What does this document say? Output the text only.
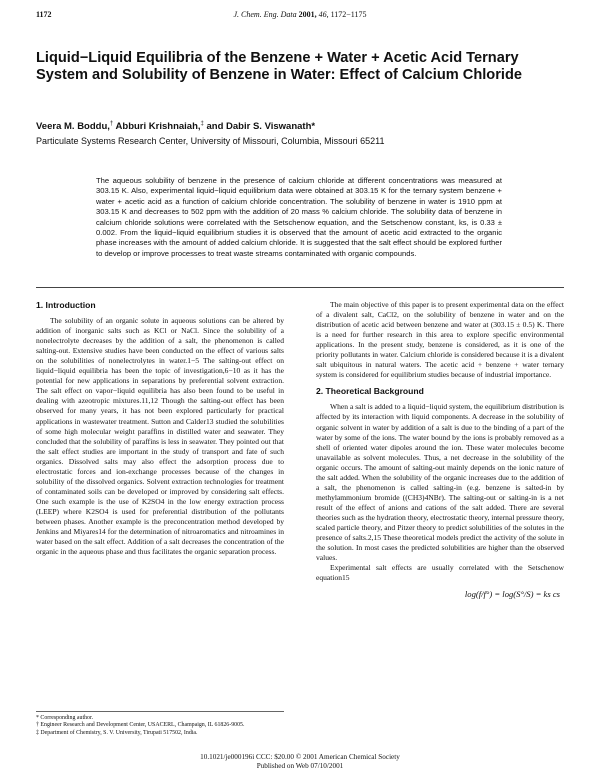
1172	J. Chem. Eng. Data 2001, 46, 1172−1175
Liquid−Liquid Equilibria of the Benzene + Water + Acetic Acid Ternary System and Solubility of Benzene in Water: Effect of Calcium Chloride
Veera M. Boddu,† Abburi Krishnaiah,‡ and Dabir S. Viswanath*
Particulate Systems Research Center, University of Missouri, Columbia, Missouri 65211
The aqueous solubility of benzene in the presence of calcium chloride at different concentrations was measured at 303.15 K. Also, experimental liquid−liquid equilibrium data were obtained at 303.15 K for the ternary system benzene + water + acetic acid as a function of calcium chloride concentration. The solubility of benzene in water is 1910 ppm at 303.15 K and decreases to 502 ppm with the addition of 20 mass % calcium chloride. The solubility data of benzene in calcium chloride solutions were correlated with the Setschenow equation, and the Setschenow constant, ks, is 0.33 ± 0.002. From the liquid−liquid equilibrium studies it is observed that the amount of acetic acid extracted to the organic phase increases with the amount of added calcium chloride. It is suggested that the salt effect should be explored further to develop or improve processes to treat waste streams contaminated with organic compounds.
1. Introduction

The solubility of an organic solute in aqueous solutions can be altered by addition of inorganic salts such as KCl or NaCl. Since the solubility of a nonelectrolyte decreases by the addition of a salt, the phenomenon is called salting-out. Extensive studies have been conducted on the effect of various salts on the solubilities of nonelectrolytes in water.1−5 The salting-out effect on liquid−liquid equilibria has been the topic of investigation,6−10 as it has the potential for new applications in separations by preferential solvent extraction. The salt effect on vapor−liquid equilibria has also been found to be useful in dealing with azeotropic mixtures.11,12 Though the salting-out effect has been observed for many years, it has not been explored particularly for practical applications in wastewater treatment. Sutton and Calder13 studied the solubilities of some high molecular weight paraffins in distilled water and seawater. They concluded that the solubility of paraffins is less in seawater. They pointed out that the salt effect studies are important in the study of transport and fate of such organics. Dissolved salts may also effect the adsorption process due to electrostatic forces and ion-exchange processes because of the changes in solubility of the dissolved organics. Solvent extraction technologies for treatment of contaminated soils can be developed or improved by considering salt effects. One such example is the use of K2SO4 in the low energy extraction process (LEEP) where K2SO4 is used for preferential distribution of the pollutants between phases. Another example is the preconcentration method developed by Jenkins and Miyares14 for the determination of nitroaromatics and nitroamines in water based on the salt effect. Addition of a salt decreases the concentration of the organic in the aqueous phase and thus facilitates the organic separation process.

The main objective of this paper is to present experimental data on the effect of a divalent salt, CaCl2, on the solubility of benzene in water and on the distribution of acetic acid between benzene and water at (303.15 ± 0.5) K. There is a need for further research in this area to explore specific environmental applications. In the present study, benzene is considered, as it is one of the priority pollutants in water. Calcium chloride is considered because it is a divalent salt ubiquitous in natural waters. The acetic acid + benzene + water ternary system is considered for equilibrium studies because of industrial importance.

2. Theoretical Background

When a salt is added to a liquid−liquid system, the equilibrium distribution is affected by its interaction with liquid components. A decrease in the solubility of organic solvent in water by addition of a salt is due to the binding of a part of the water by some of the ions. The water bound by the ions is probably removed as a shell of oriented water dipoles around the ion. These water molecules become unavailable as solvent molecules. Thus, a net decrease in the solubility of the organic occurs. The amount of salting-out mainly depends on the ionic nature of the salt added. When the solubility of the organic increases due to the addition of a salt, the phenomenon is called salting-in (e.g. benzene is salted-in by methylammonium bromide ((CH3)4NBr). The salting-out or salting-in is a net result of the effect of anions and cations of the salt added. There are several theories such as the hydration theory, electrostatic theory, internal pressure theory, scaled particle theory, and Pitzer theory to predict solubilities of the solutes in the presence of salts.2,15 These theoretical models predict the activity of the solute in the solution. In most cases the predicted solubilities are higher than the observed values.

Experimental salt effects are usually correlated with the Setschenow equation15

log(f/f°) = log(S°/S) = ks cs
* Corresponding author.
† Engineer Research and Development Center, USACERL, Champaign, IL 61826-9005.
‡ Department of Chemistry, S. V. University, Tirupati 517502, India.
10.1021/je000196i CCC: $20.00 © 2001 American Chemical Society
Published on Web 07/10/2001
